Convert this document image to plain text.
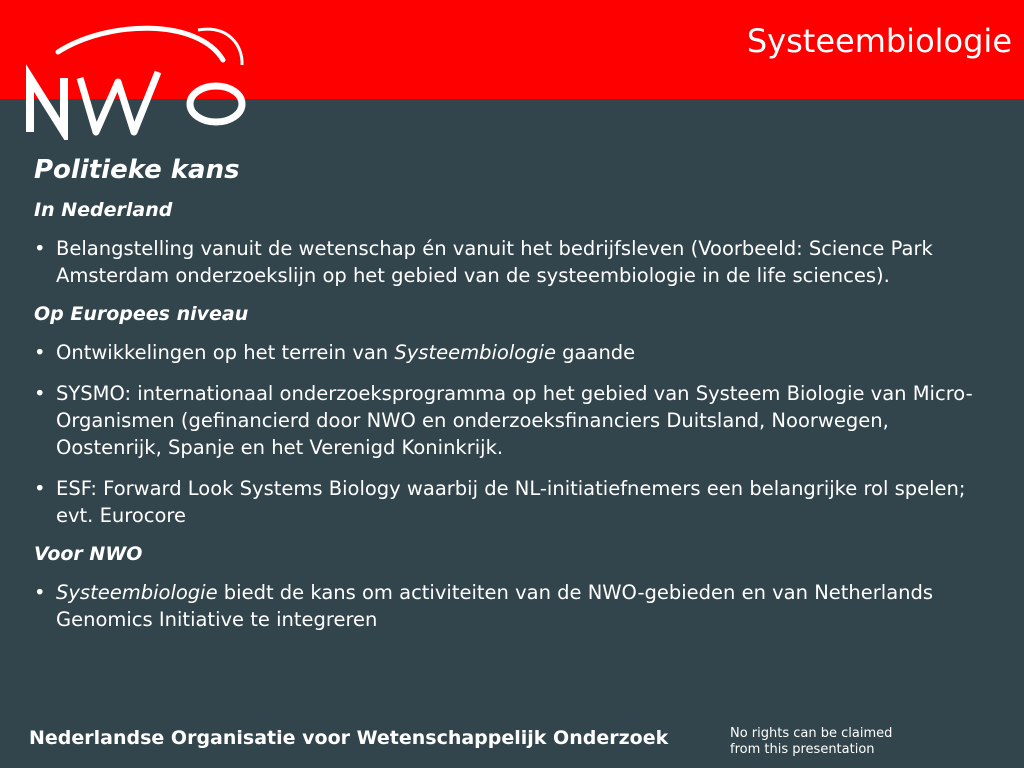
Systeembiologie
Politieke kans
In Nederland
• Belangstelling vanuit de wetenschap én vanuit het bedrijfsleven (Voorbeeld: Science Park Amsterdam onderzoekslijn op het gebied van de systeembiologie in de life sciences).
Op Europees niveau
• Ontwikkelingen op het terrein van Systeembiologie gaande
• SYSMO: internationaal onderzoeksprogramma op het gebied van Systeem Biologie van Micro-Organismen (gefinancierd door NWO en onderzoeksfinanciers Duitsland, Noorwegen, Oostenrijk, Spanje en het Verenigd Koninkrijk.
• ESF: Forward Look Systems Biology waarbij de NL-initiatiefnemers een belangrijke rol spelen; evt. Eurocore
Voor NWO
• Systeembiologie biedt de kans om activiteiten van de NWO-gebieden en van Netherlands Genomics Initiative te integreren
Nederlandse Organisatie voor Wetenschappelijk Onderzoek	No rights can be claimed
from this presentation
